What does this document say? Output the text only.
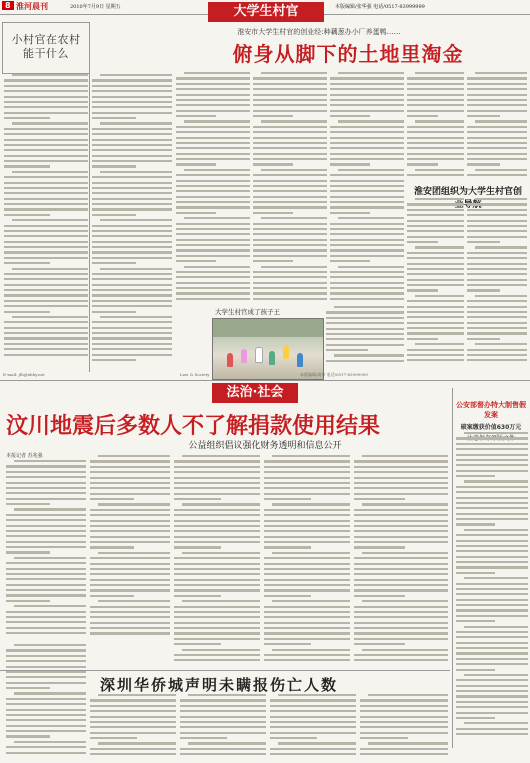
8 淮河晨刊	2010年7月9日 星期五	本版编辑/张华强 电话/0517-83999999
大学生村官
小村官在农村能干什么
淮安市大学生村官的创业经:种藕葱办小厂养蛋鸭……
俯身从脚下的土地里淘金
淮安团组织为大学生村官创
大学生村官成了孩子王
E-mail: jlb@xhby.net	Law & Society	本版编辑/周伟 电话/0517-83999999
法治·社会
汶川地震后多数人不了解捐款使用结果
公益组织倡议强化财务透明和信息公开
公安部督办特大制售假发案
破案缴获价值630万元
本报记者 苏兆强
深圳华侨城声明未瞒报伤亡人数
